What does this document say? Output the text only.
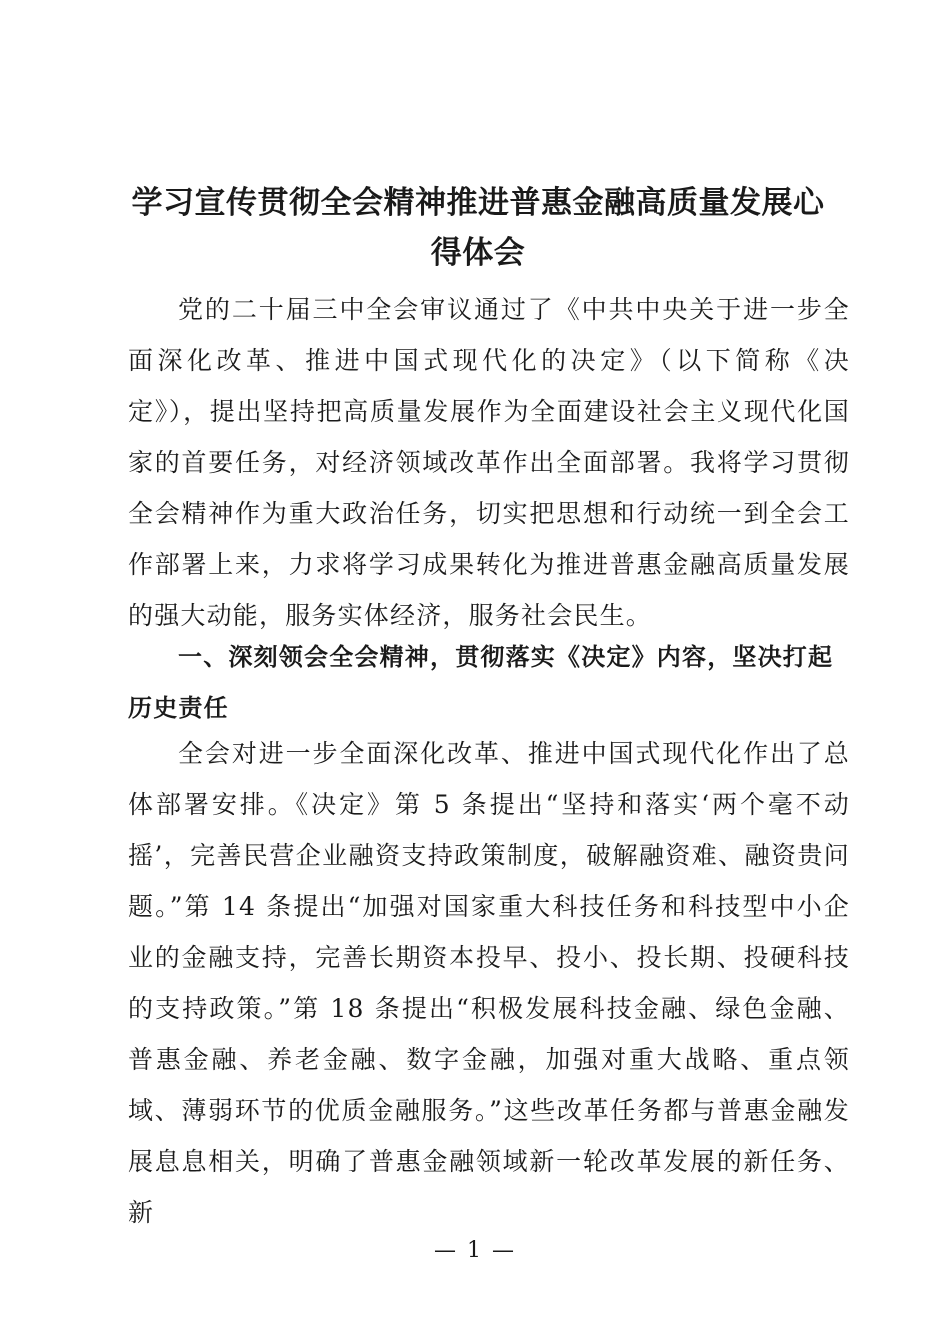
学习宣传贯彻全会精神推进普惠金融高质量发展心得体会

党的二十届三中全会审议通过了《中共中央关于进一步全面深化改革、推进中国式现代化的决定》（以下简称《决定》），提出坚持把高质量发展作为全面建设社会主义现代化国家的首要任务，对经济领域改革作出全面部署。我将学习贯彻全会精神作为重大政治任务，切实把思想和行动统一到全会工作部署上来，力求将学习成果转化为推进普惠金融高质量发展的强大动能，服务实体经济，服务社会民生。

一、深刻领会全会精神，贯彻落实《决定》内容，坚决打起历史责任

全会对进一步全面深化改革、推进中国式现代化作出了总体部署安排。《决定》第 5 条提出“坚持和落实‘两个毫不动摇’，完善民营企业融资支持政策制度，破解融资难、融资贵问题。”第 14 条提出“加强对国家重大科技任务和科技型中小企业的金融支持，完善长期资本投早、投小、投长期、投硬科技的支持政策。”第 18 条提出“积极发展科技金融、绿色金融、普惠金融、养老金融、数字金融，加强对重大战略、重点领域、薄弱环节的优质金融服务。”这些改革任务都与普惠金融发展息息相关，明确了普惠金融领域新一轮改革发展的新任务、新

— 1 —
